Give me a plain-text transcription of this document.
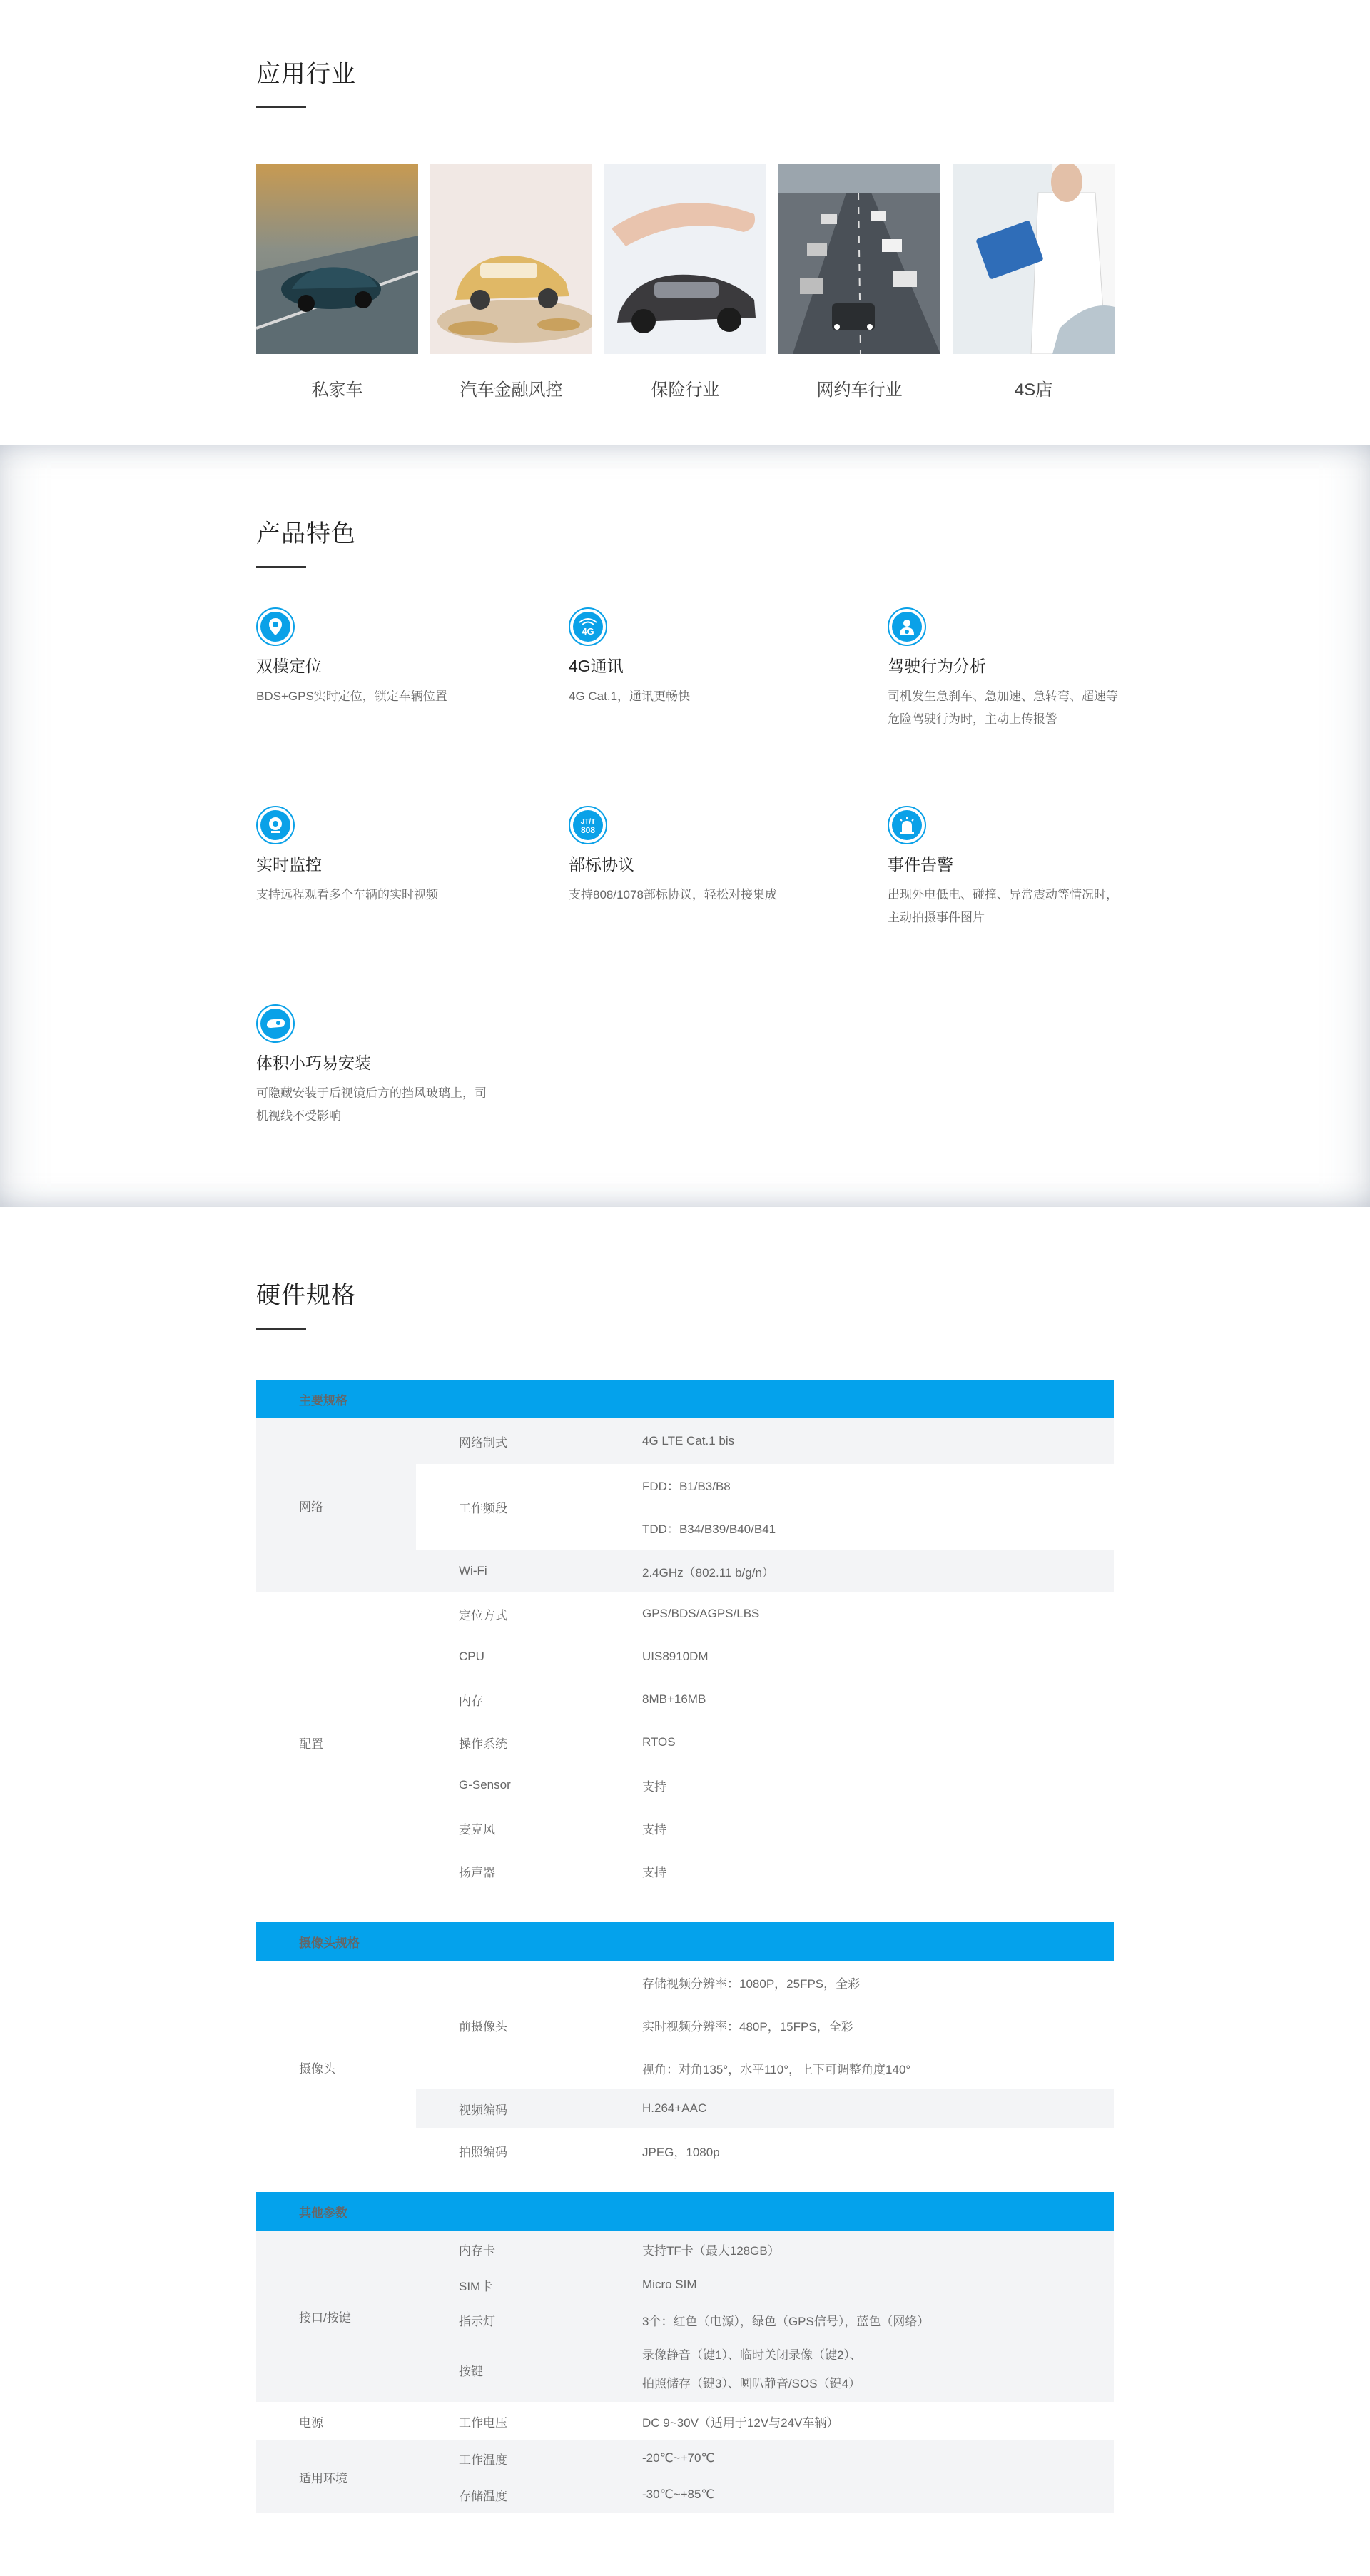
应用行业
私家车	汽车金融风控	保险行业	网约车行业	4S店
产品特色
双模定位
BDS+GPS实时定位，锁定车辆位置
4G
4G通讯
4G Cat.1，通讯更畅快
驾驶行为分析
司机发生急刹车、急加速、急转弯、超速等危险驾驶行为时，主动上传报警
实时监控
支持远程观看多个车辆的实时视频
JT/T
808
部标协议
支持808/1078部标协议，轻松对接集成
事件告警
出现外电低电、碰撞、异常震动等情况时，主动拍摄事件图片
体积小巧易安装
可隐藏安装于后视镜后方的挡风玻璃上，司机视线不受影响
硬件规格
主要规格		
网络	网络制式	4G LTE Cat.1 bis
	工作频段	FDD：B1/B3/B8
		TDD：B34/B39/B40/B41
	Wi-Fi	2.4GHz（802.11 b/g/n）
配置	定位方式	GPS/BDS/AGPS/LBS
	CPU	UIS8910DM
	内存	8MB+16MB
	操作系统	RTOS
	G-Sensor	支持
	麦克风	支持
	扬声器	支持

摄像头规格		
摄像头	前摄像头	存储视频分辨率：1080P，25FPS，全彩
		实时视频分辨率：480P，15FPS，全彩
		视角：对角135°，水平110°，上下可调整角度140°
	视频编码	H.264+AAC
	拍照编码	JPEG，1080p

其他参数		
接口/按键	内存卡	支持TF卡（最大128GB）
	SIM卡	Micro SIM
	指示灯	3个：红色（电源），绿色（GPS信号），蓝色（网络）
	按键	录像静音（键1）、临时关闭录像（键2）、
拍照储存（键3）、喇叭静音/SOS（键4）

电源	工作电压	DC 9~30V（适用于12V与24V车辆）
适用环境	工作温度	-20℃~+70℃
	存储温度	-30℃~+85℃
